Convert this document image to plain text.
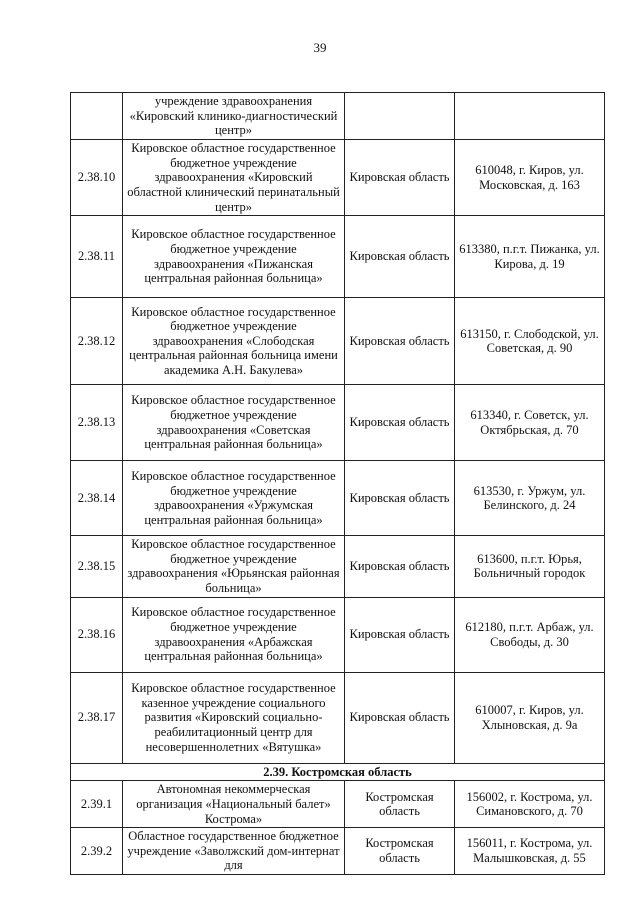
39
	учреждение здравоохранения «Кировский клинико-диагностический центр»		
2.38.10	Кировское областное государственное бюджетное учреждение здравоохранения «Кировский областной клинический перинатальный центр»	Кировская область	610048, г. Киров, ул. Московская, д. 163
2.38.11	Кировское областное государственное бюджетное учреждение здравоохранения «Пижанская центральная районная больница»	Кировская область	613380, п.г.т. Пижанка, ул. Кирова, д. 19
2.38.12	Кировское областное государственное бюджетное учреждение здравоохранения «Слободская центральная районная больница имени академика А.Н. Бакулева»	Кировская область	613150, г. Слободской, ул. Советская, д. 90
2.38.13	Кировское областное государственное бюджетное учреждение здравоохранения «Советская центральная районная больница»	Кировская область	613340, г. Советск, ул. Октябрьская, д. 70
2.38.14	Кировское областное государственное бюджетное учреждение здравоохранения «Уржумская центральная районная больница»	Кировская область	613530, г. Уржум, ул. Белинского, д. 24
2.38.15	Кировское областное государственное бюджетное учреждение здравоохранения «Юрьянская районная больница»	Кировская область	613600, п.г.т. Юрья, Больничный городок
2.38.16	Кировское областное государственное бюджетное учреждение здравоохранения «Арбажская центральная районная больница»	Кировская область	612180, п.г.т. Арбаж, ул. Свободы, д. 30
2.38.17	Кировское областное государственное казенное учреждение социального развития «Кировский социально-реабилитационный центр для несовершеннолетних «Вятушка»	Кировская область	610007, г. Киров, ул. Хлыновская, д. 9а
2.39. Костромская область			
2.39.1	Автономная некоммерческая организация «Национальный балет» Кострома»	Костромская область	156002, г. Кострома, ул. Симановского, д. 70
2.39.2	Областное государственное бюджетное учреждение «Заволжский дом-интернат для	Костромская область	156011, г. Кострома, ул. Малышковская, д. 55
